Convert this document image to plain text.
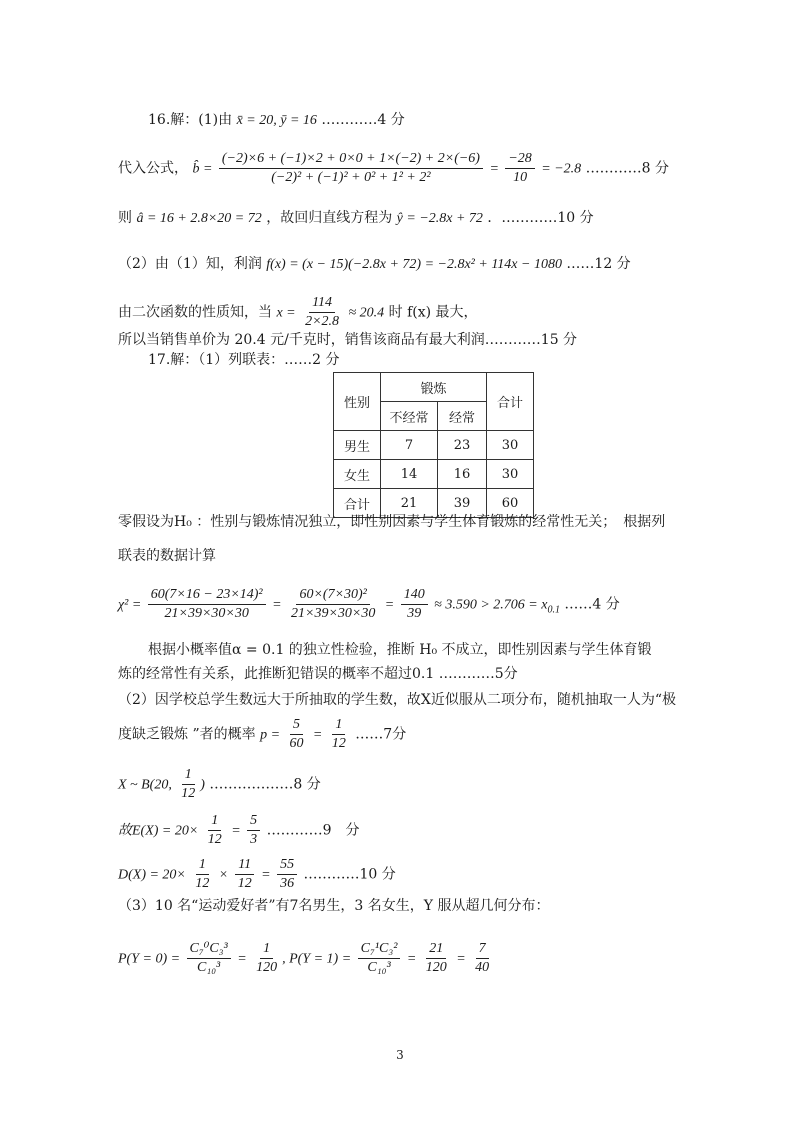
16.解：(1)由 x̄ = 20, ȳ = 16 …………4 分
代入公式， b̂ = $\frac{(-2)\times 6 + (-1)\times 2 + 0\times 0 + 1\times(-2) + 2\times(-6)}{\text{(−2)² + (−1)² + 0² + 1² + 2²}} = \frac{-28}{10} = -2.8$ …………8 分
则 â = 16 + 2.8×20 = 72 ，故回归直线方程为 ŷ = −2.8x + 72 ．…………10 分
（2）由（1）知，利润 f(x) = (x − 15)(−2.8x + 72) = −2.8x² + 114x − 1080 ……12 分
由二次函数的性质知，当 $x = \frac{114}{2\times 2.8} \approx 20.4$ 时 f(x) 最大，
所以当销售单价为 20.4 元/千克时，销售该商品有最大利润…………15 分
17.解：（1）列联表：……2 分
性别	锻炼		合计
	不经常	经常	
男生	7	23	30
女生	14	16	30
合计	21	39	60
零假设为H₀ ：性别与锻炼情况独立，即性别因素与学生体育锻炼的经常性无关；　根据列
联表的数据计算
$\chi^2 = \frac{\text{60(7×16 − 23×14)²}}{21\times 39\times 30\times 30} = \frac{\text{60×(7×30)²}}{21\times 39\times 30\times 30} = \frac{140}{39} \approx 3.590 > 2.706 = x_{0.1}$ ……4 分
根据小概率值α = 0.1 的独立性检验，推断 H₀ 不成立，即性别因素与学生体育锻
炼的经常性有关系，此推断犯错误的概率不超过0.1 …………5分
（2）因学校总学生数远大于所抽取的学生数，故X近似服从二项分布，随机抽取一人为“极
度缺乏锻炼 ”者的概率 $p = \frac{5}{60} = \frac{1}{12}$ ……7分
X ~ B(20, $\frac{1}{12}$ ) ………………8 分
故$E(X) = 20\times \frac{1}{12} = \frac{5}{3}$ …………9　分
$D(X) = 20\times \frac{1}{12} \times \frac{11}{12} = \frac{55}{36}$ …………10 分
（3）10 名“运动爱好者”有7名男生，3 名女生，Y 服从超几何分布：
$P(Y = 0) = \frac{\text{C₇⁰C₃³}}{\text{C₁₀³}} = \frac{1}{120}$ , $P(Y = 1) = \frac{\text{C₇¹C₃²}}{\text{C₁₀³}} = \frac{21}{120} = \frac{7}{40}$
3
